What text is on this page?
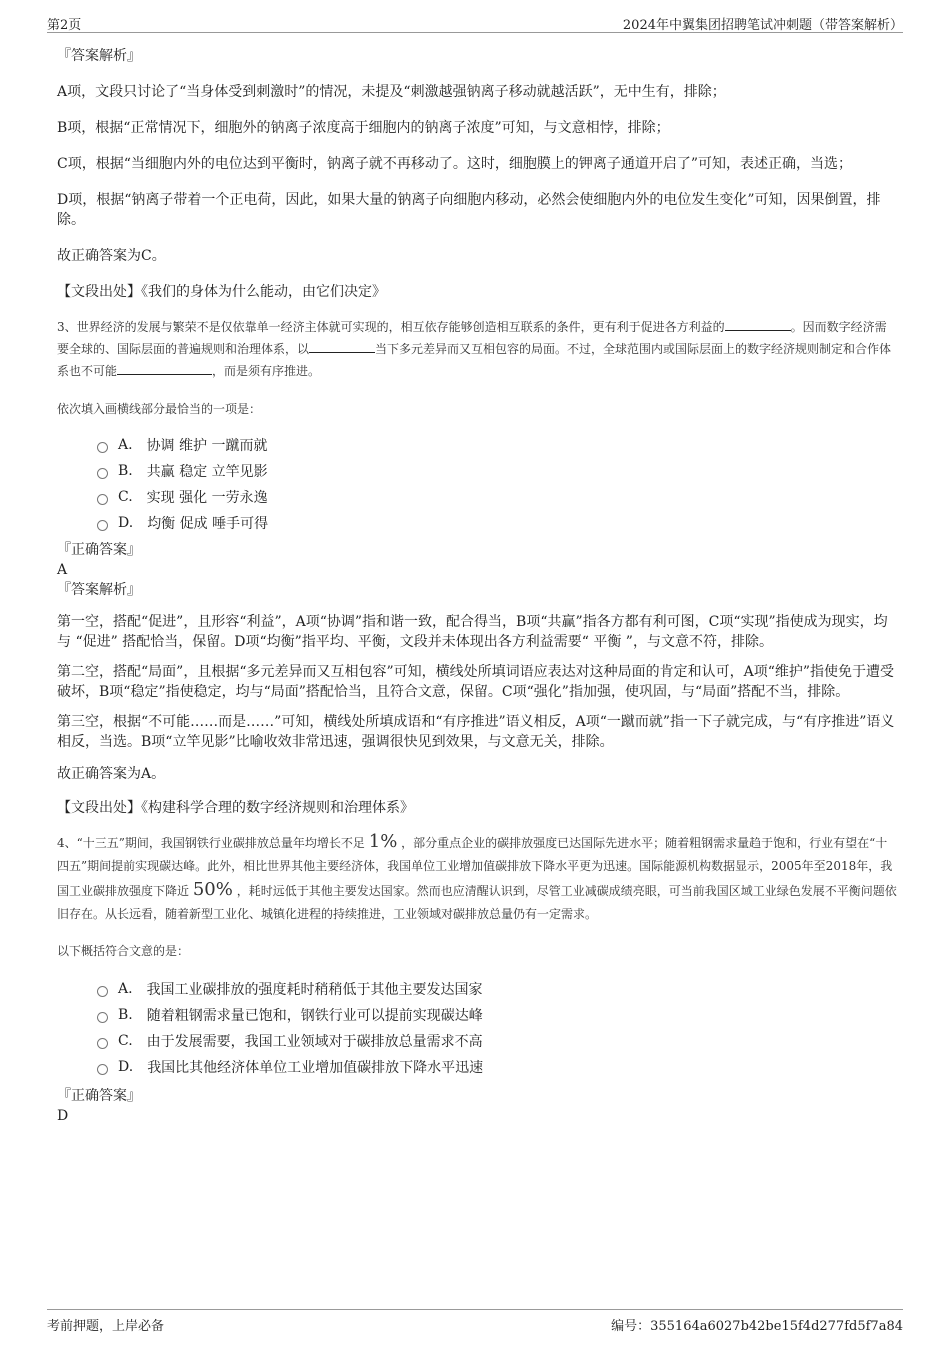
第2页	2024年中翼集团招聘笔试冲刺题（带答案解析）

『答案解析』

A项，文段只讨论了“当身体受到刺激时”的情况，未提及“刺激越强钠离子移动就越活跃”，无中生有，排除；

B项，根据“正常情况下，细胞外的钠离子浓度高于细胞内的钠离子浓度”可知，与文意相悖，排除；

C项，根据“当细胞内外的电位达到平衡时，钠离子就不再移动了。这时，细胞膜上的钾离子通道开启了”可知，表述正确，当选；

D项，根据“钠离子带着一个正电荷，因此，如果大量的钠离子向细胞内移动，必然会使细胞内外的电位发生变化”可知，因果倒置，排除。

故正确答案为C。

【文段出处】《我们的身体为什么能动，由它们决定》

3、世界经济的发展与繁荣不是仅依靠单一经济主体就可实现的，相互依存能够创造相互联系的条件，更有利于促进各方利益的	。因而数字经济需要全球的、国际层面的普遍规则和治理体系，以	当下多元差异而又互相包容的局面。不过，全球范围内或国际层面上的数字经济规则制定和合作体系也不可能	，而是须有序推进。

依次填入画横线部分最恰当的一项是：

A. 协调 维护 一蹴而就
B. 共赢 稳定 立竿见影
C. 实现 强化 一劳永逸
D. 均衡 促成 唾手可得

『正确答案』

A

『答案解析』

第一空，搭配“促进”，且形容“利益”，A项“协调”指和谐一致，配合得当，B项“共赢”指各方都有利可图，C项“实现”指使成为现实，均与 “促进” 搭配恰当，保留。D项“均衡”指平均、平衡，文段并未体现出各方利益需要“ 平衡 ”，与文意不符，排除。

第二空，搭配“局面”，且根据“多元差异而又互相包容”可知，横线处所填词语应表达对这种局面的肯定和认可，A项“维护”指使免于遭受破坏，B项“稳定”指使稳定，均与“局面”搭配恰当，且符合文意，保留。C项“强化”指加强，使巩固，与“局面”搭配不当，排除。

第三空，根据“不可能……而是……”可知，横线处所填成语和“有序推进”语义相反，A项“一蹴而就”指一下子就完成，与“有序推进”语义相反，当选。B项“立竿见影”比喻收效非常迅速，强调很快见到效果，与文意无关，排除。

故正确答案为A。

【文段出处】《构建科学合理的数字经济规则和治理体系》

4、“十三五”期间，我国钢铁行业碳排放总量年均增长不足 1% ，部分重点企业的碳排放强度已达国际先进水平；随着粗钢需求量趋于饱和，行业有望在“十四五”期间提前实现碳达峰。此外，相比世界其他主要经济体，我国单位工业增加值碳排放下降水平更为迅速。国际能源机构数据显示，2005年至2018年，我国工业碳排放强度下降近 50% ，耗时远低于其他主要发达国家。然而也应清醒认识到，尽管工业减碳成绩亮眼，可当前我国区域工业绿色发展不平衡问题依旧存在。从长远看，随着新型工业化、城镇化进程的持续推进，工业领域对碳排放总量仍有一定需求。

以下概括符合文意的是：

A. 我国工业碳排放的强度耗时稍稍低于其他主要发达国家
B. 随着粗钢需求量已饱和，钢铁行业可以提前实现碳达峰
C. 由于发展需要，我国工业领域对于碳排放总量需求不高
D. 我国比其他经济体单位工业增加值碳排放下降水平迅速

『正确答案』

D

考前押题，上岸必备	编号：355164a6027b42be15f4d277fd5f7a84
